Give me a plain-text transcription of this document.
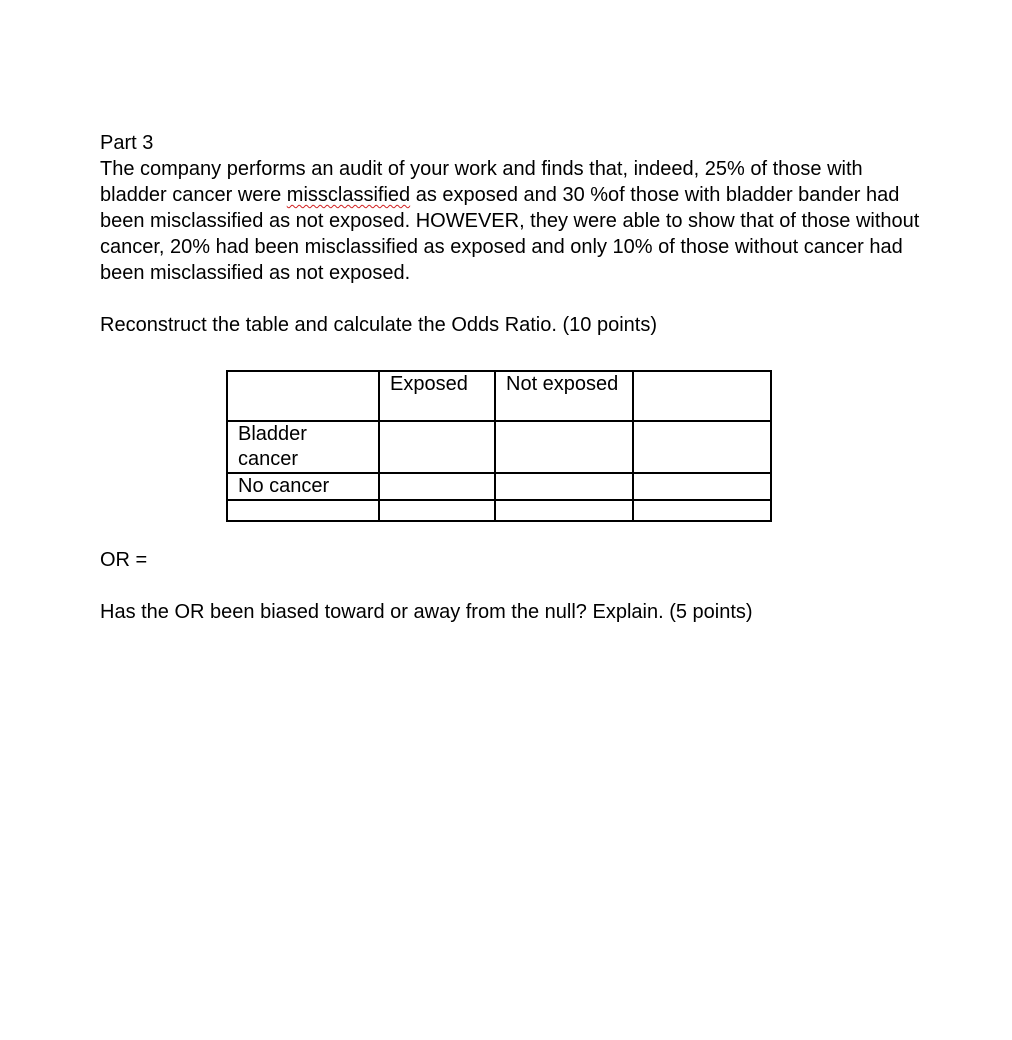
Part 3

The company performs an audit of your work and finds that, indeed, 25% of those with bladder cancer were missclassified as exposed and 30 %of those with bladder bander had been misclassified as not exposed. HOWEVER, they were able to show that of those without cancer, 20% had been misclassified as exposed and only 10% of those without cancer had been misclassified as not exposed.

Reconstruct the table and calculate the Odds Ratio. (10 points)

	Exposed	Not exposed	
Bladder cancer			
No cancer			

OR =

Has the OR been biased toward or away from the null? Explain. (5 points)
